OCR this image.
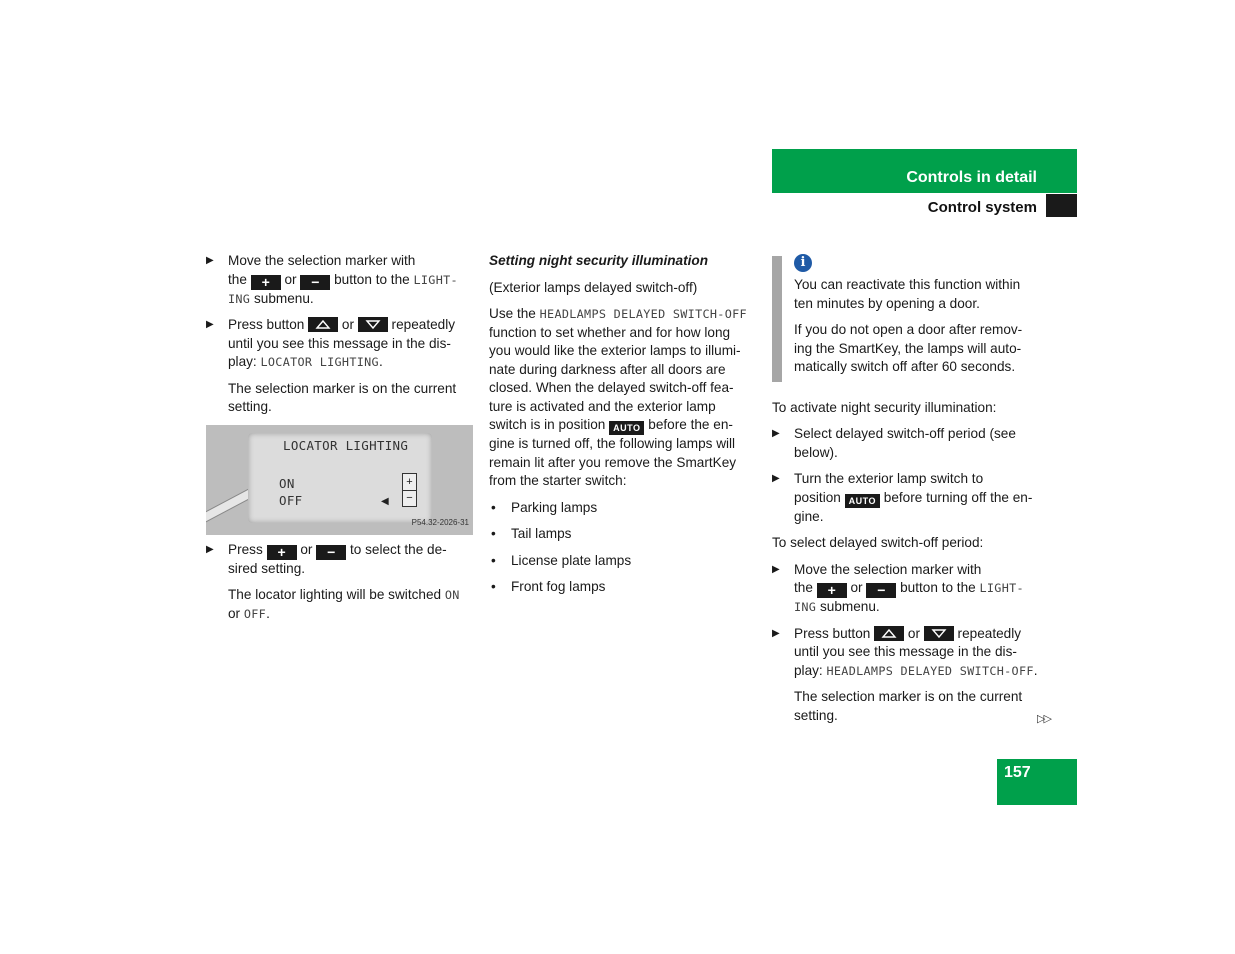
Controls in detail
Control system
▶ Move the selection marker with
the + or − button to the LIGHT-
ING submenu.
▶ Press button	or	repeatedly
until you see this message in the dis-
play: LOCATOR LIGHTING.
The selection marker is on the current
setting.
LOCATOR LIGHTING
ON
OFF	◀
+
−
P54.32-2026-31
▶ Press + or − to select the de-
sired setting.
The locator lighting will be switched ON
or OFF.
Setting night security illumination
(Exterior lamps delayed switch-off)
Use the HEADLAMPS DELAYED SWITCH-OFF
function to set whether and for how long
you would like the exterior lamps to illumi-
nate during darkness after all doors are
closed. When the delayed switch-off fea-
ture is activated and the exterior lamp
switch is in position AUTO before the en-
gine is turned off, the following lamps will
remain lit after you remove the SmartKey
from the starter switch:
• Parking lamps
• Tail lamps
• License plate lamps
• Front fog lamps
i
You can reactivate this function within
ten minutes by opening a door.
If you do not open a door after remov-
ing the SmartKey, the lamps will auto-
matically switch off after 60 seconds.
To activate night security illumination:
▶ Select delayed switch-off period (see
below).
▶ Turn the exterior lamp switch to
position AUTO before turning off the en-
gine.
To select delayed switch-off period:
▶ Move the selection marker with
the + or − button to the LIGHT-
ING submenu.
▶ Press button	or	repeatedly
until you see this message in the dis-
play: HEADLAMPS DELAYED SWITCH-OFF.
The selection marker is on the current
setting.	▷▷
157
